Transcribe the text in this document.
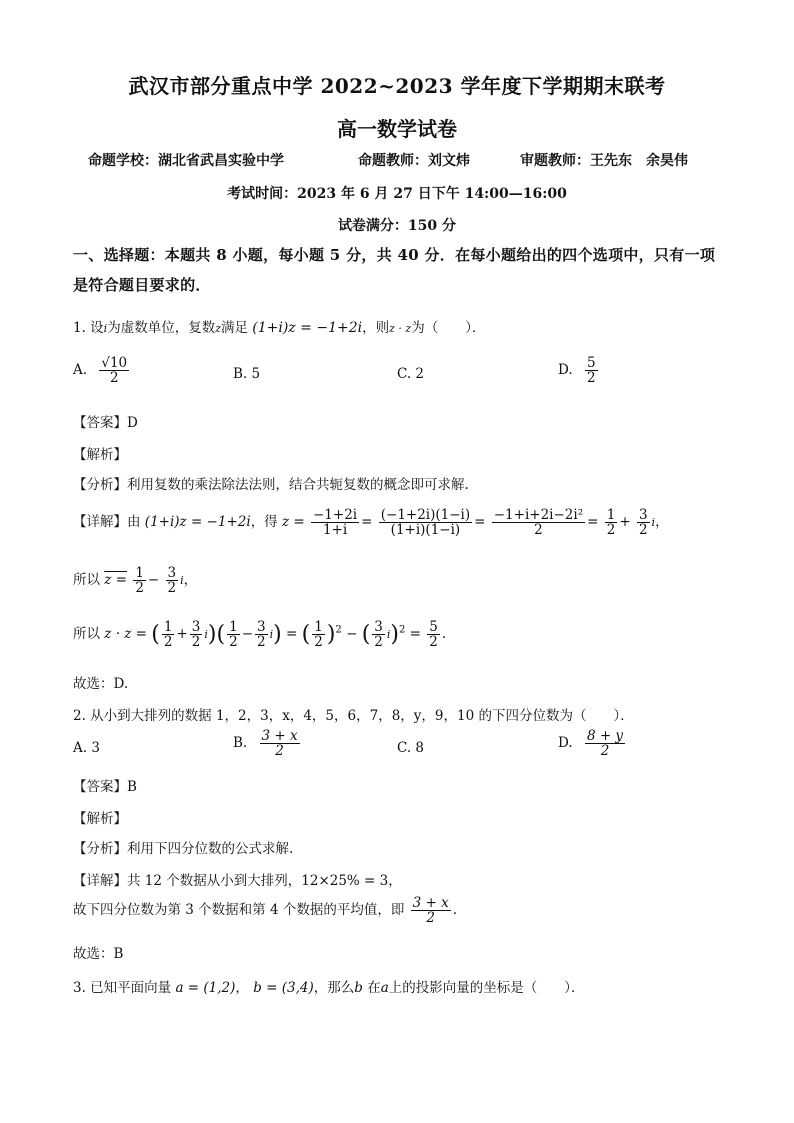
武汉市部分重点中学 2022~2023 学年度下学期期末联考
高一数学试卷
命题学校：湖北省武昌实验中学	命题教师：刘文炜	审题教师：王先东　余昊伟
考试时间：2023 年 6 月 27 日下午 14:00—16:00
试卷满分：150 分
一、选择题：本题共 8 小题，每小题 5 分，共 40 分．在每小题给出的四个选项中，只有一项
是符合题目要求的．
1. 设i为虚数单位，复数z满足 (1+i)z = −1+2i，则z · z为（　　）．
A. $\frac{√10}{2}$	B. 5	C. 2	D. $\frac{5}{2}$
【答案】D
【解析】
【分析】利用复数的乘法除法法则，结合共轭复数的概念即可求解.
【详解】由 (1+i)z = −1+2i，得 $z = \frac{-1+2i}{1+i} = \frac{(-1+2i)(1-i)}{(1+i)(1-i)} = \frac{\text{−1+i+2i−2i²}}{2} = \frac{1}{2} + \frac{3}{2}$ i，
所以 $z = \frac{1}{2} - \frac{3}{2}$ i，
所以 z · z = ( $\frac{1}{2} + \frac{3}{2} i)( \frac{1}{2} - \frac{3}{2} i)$ = ( $\frac{1}{2} )^2$ − ( $\frac{3}{2} i)^2 = \frac{5}{2}$ .
故选：D.
2. 从小到大排列的数据 1，2，3，x，4，5，6，7，8，y，9，10 的下四分位数为（　　）．
A. 3	B. $\frac{3 + x}{2}$	C. 8	D. $\frac{8 + y}{2}$
【答案】B
【解析】
【分析】利用下四分位数的公式求解.
【详解】共 12 个数据从小到大排列，12×25% = 3，
故下四分位数为第 3 个数据和第 4 个数据的平均值，即 $\frac{3 + x}{2}$ .
故选：B
3. 已知平面向量 a = (1,2)， b = (3,4)，那么b 在a上的投影向量的坐标是（　　）．
